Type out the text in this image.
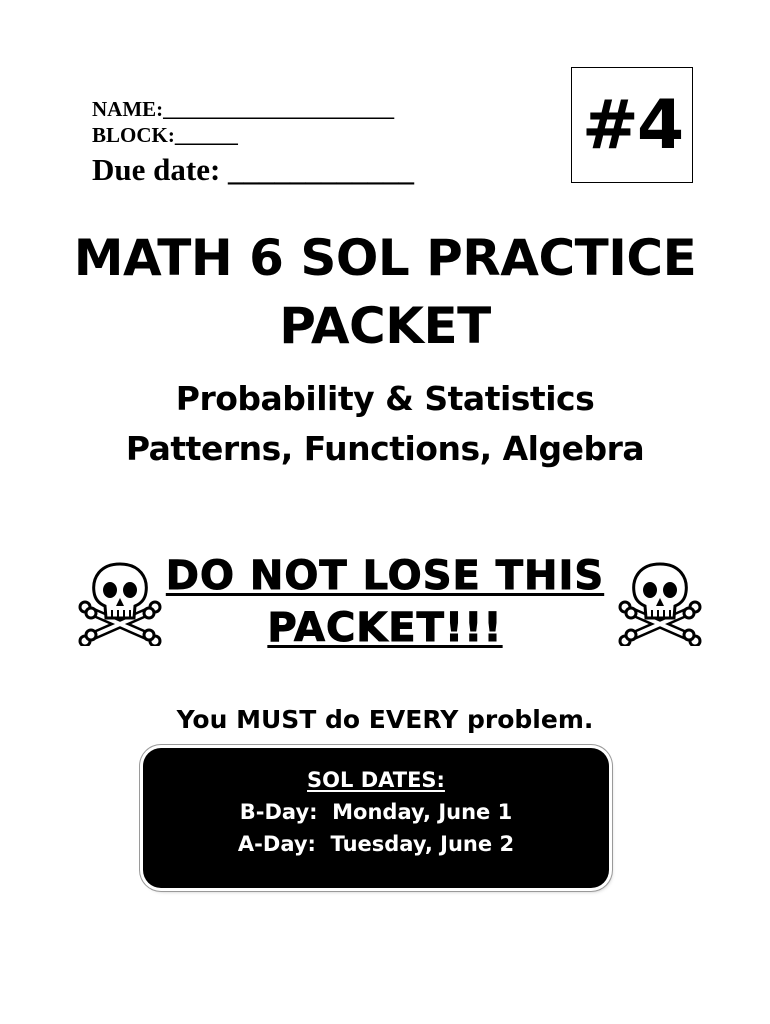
NAME:______________________
BLOCK:______
Due date: ____________
#4
MATH 6 SOL PRACTICE
PACKET
Probability & Statistics
Patterns, Functions, Algebra
DO NOT LOSE THIS
PACKET!!!
You MUST do EVERY problem.
SOL DATES:
B-Day:  Monday, June 1
A-Day:  Tuesday, June 2
